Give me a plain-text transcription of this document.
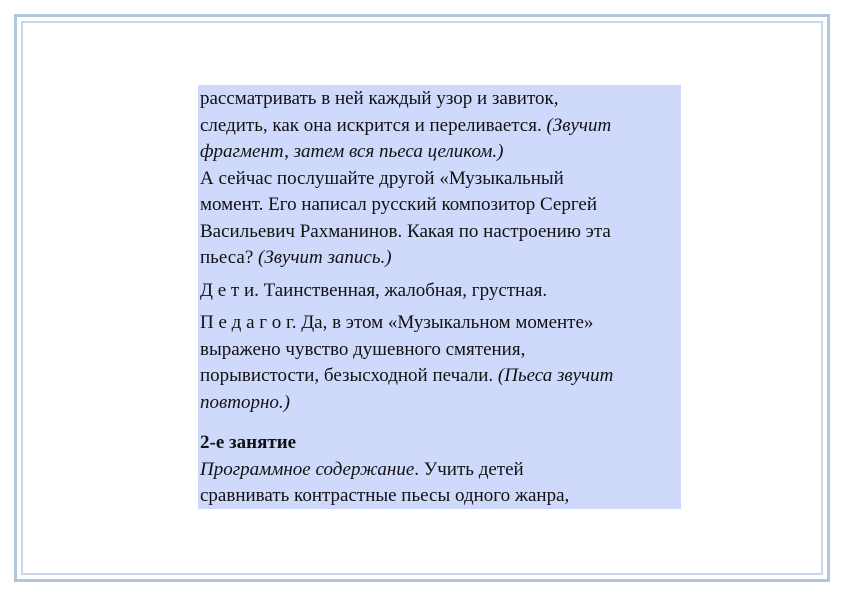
рассматривать в ней каждый узор и завиток,
следить, как она искрится и переливается. (Звучит
фрагмент, затем вся пьеса целиком.)

А сейчас послушайте другой «Музыкальный
момент. Его написал русский композитор Сергей
Васильевич Рахманинов. Какая по настроению эта
пьеса? (Звучит запись.)

Д е т и. Таинственная, жалобная, грустная.

П е д а г о г. Да, в этом «Музыкальном моменте»
выражено чувство душевного смятения,
порывистости, безысходной печали. (Пьеса звучит
повторно.)

2-е занятие

Программное содержание. Учить детей
сравнивать контрастные пьесы одного жанра,
